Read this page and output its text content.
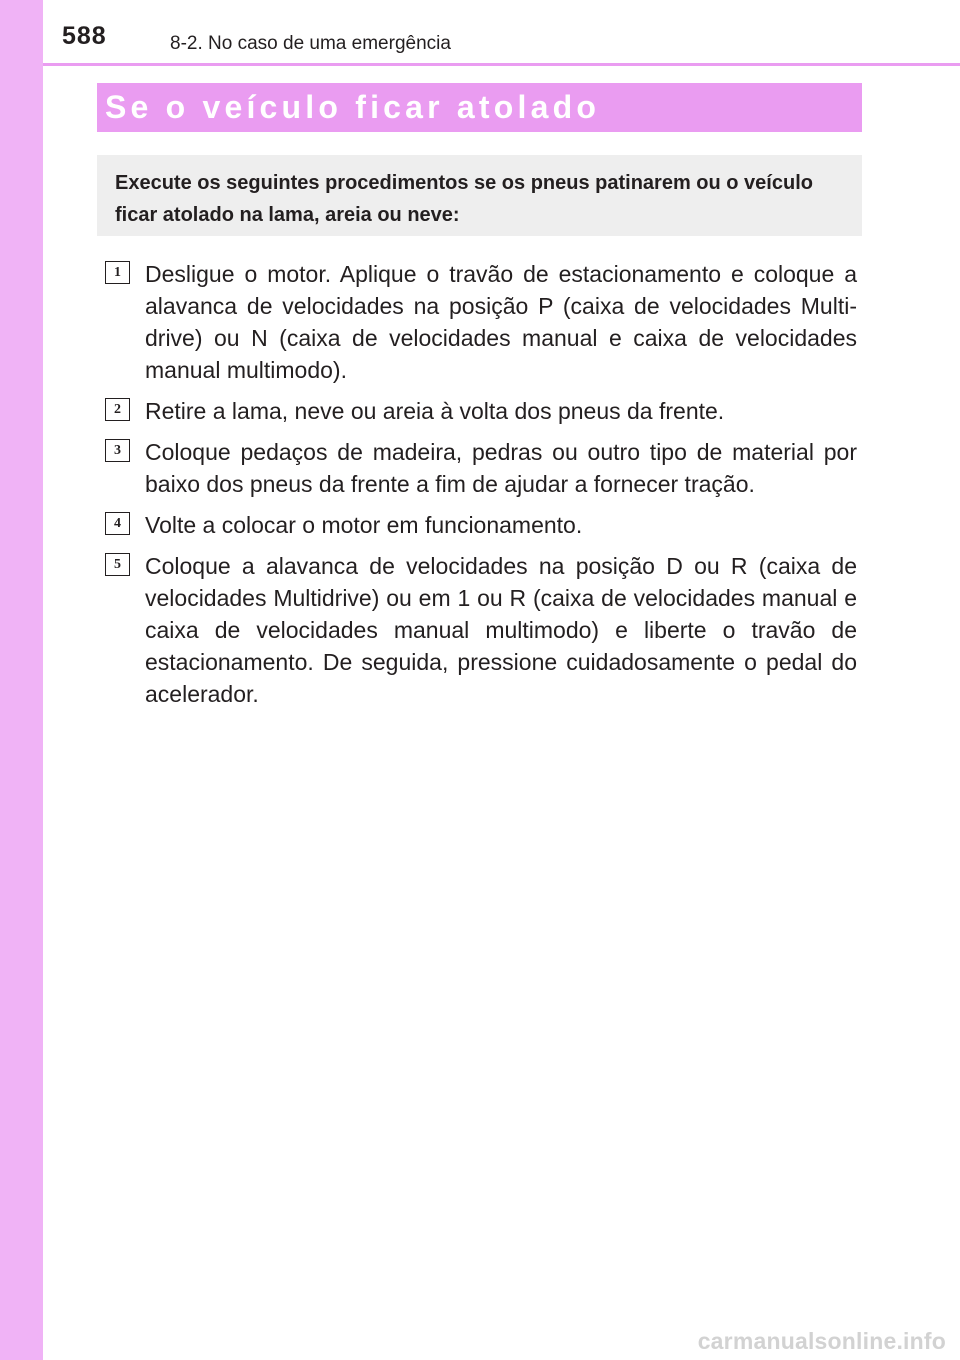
588	8-2. No caso de uma emergência
Se o veículo ficar atolado
Execute os seguintes procedimentos se os pneus patinarem ou o veículo ficar atolado na lama, areia ou neve:
1	Desligue o motor. Aplique o travão de estacionamento e coloque a alavanca de velocidades na posição P (caixa de velocidades Multi-drive) ou N (caixa de velocidades manual e caixa de velocidades manual multimodo).
2	Retire a lama, neve ou areia à volta dos pneus da frente.
3	Coloque pedaços de madeira, pedras ou outro tipo de material por baixo dos pneus da frente a fim de ajudar a fornecer tração.
4	Volte a colocar o motor em funcionamento.
5	Coloque a alavanca de velocidades na posição D ou R (caixa de velocidades Multidrive) ou em 1 ou R (caixa de velocidades manual e caixa de velocidades manual multimodo) e liberte o travão de estacionamento. De seguida, pressione cuidadosamente o pedal do acelerador.
carmanualsonline.info
